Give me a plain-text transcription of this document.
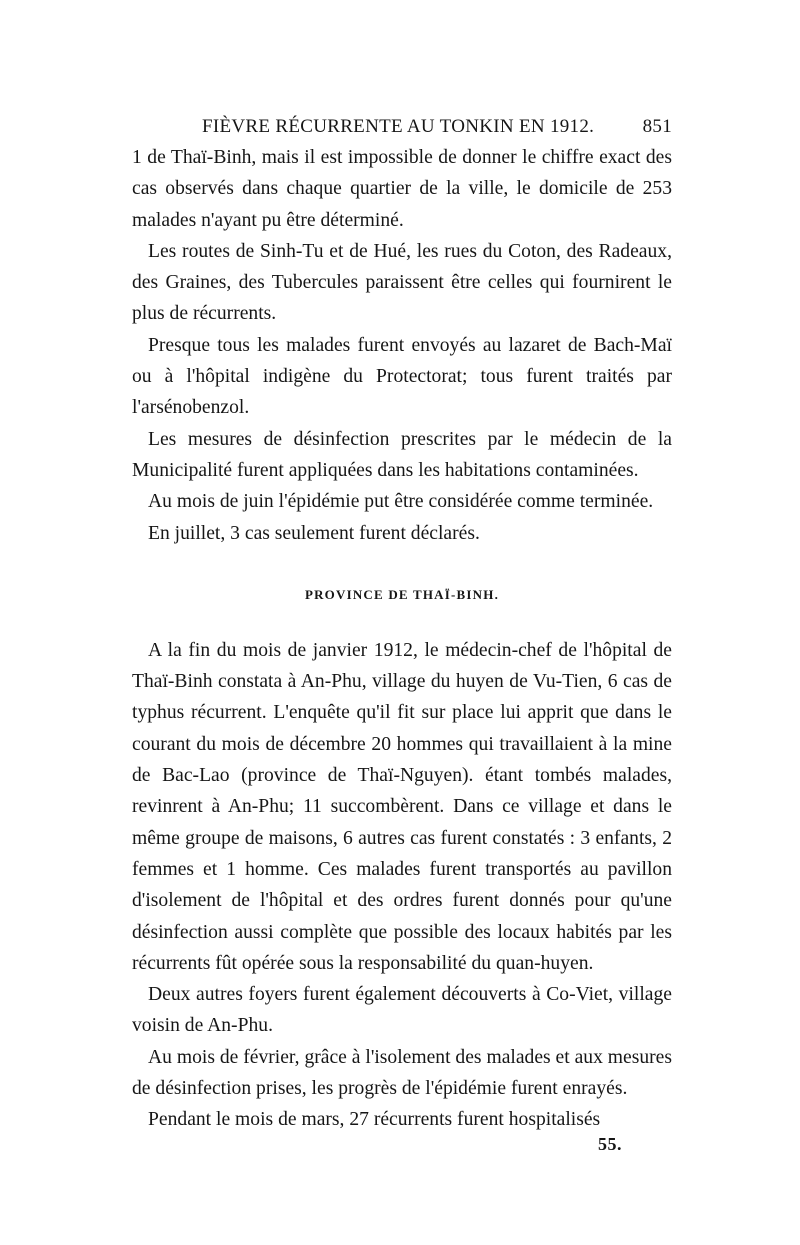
FIÈVRE RÉCURRENTE AU TONKIN EN 1912.	851

1 de Thaï-Binh, mais il est impossible de donner le chiffre exact des cas observés dans chaque quartier de la ville, le domicile de 253 malades n'ayant pu être déterminé.

Les routes de Sinh-Tu et de Hué, les rues du Coton, des Radeaux, des Graines, des Tubercules paraissent être celles qui fournirent le plus de récurrents.

Presque tous les malades furent envoyés au lazaret de Bach-Maï ou à l'hôpital indigène du Protectorat; tous furent traités par l'arsénobenzol.

Les mesures de désinfection prescrites par le médecin de la Municipalité furent appliquées dans les habitations contaminées.

Au mois de juin l'épidémie put être considérée comme terminée.

En juillet, 3 cas seulement furent déclarés.

PROVINCE DE THAÏ-BINH.

A la fin du mois de janvier 1912, le médecin-chef de l'hôpital de Thaï-Binh constata à An-Phu, village du huyen de Vu-Tien, 6 cas de typhus récurrent. L'enquête qu'il fit sur place lui apprit que dans le courant du mois de décembre 20 hommes qui travaillaient à la mine de Bac-Lao (province de Thaï-Nguyen). étant tombés malades, revinrent à An-Phu; 11 succombèrent. Dans ce village et dans le même groupe de maisons, 6 autres cas furent constatés : 3 enfants, 2 femmes et 1 homme. Ces malades furent transportés au pavillon d'isolement de l'hôpital et des ordres furent donnés pour qu'une désinfection aussi complète que possible des locaux habités par les récurrents fût opérée sous la responsabilité du quan-huyen.

Deux autres foyers furent également découverts à Co-Viet, village voisin de An-Phu.

Au mois de février, grâce à l'isolement des malades et aux mesures de désinfection prises, les progrès de l'épidémie furent enrayés.

Pendant le mois de mars, 27 récurrents furent hospitalisés

55.
